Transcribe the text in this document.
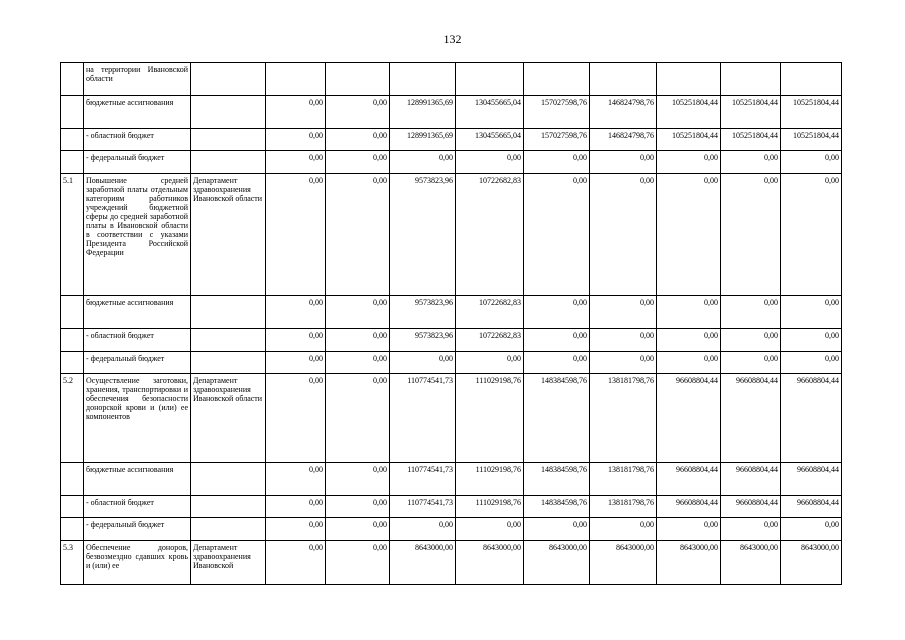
132
	на территории Ивановской области										
	бюджетные ассигнования		0,00	0,00	128991365,69	130455665,04	157027598,76	146824798,76	105251804,44	105251804,44	105251804,44
	- областной бюджет		0,00	0,00	128991365,69	130455665,04	157027598,76	146824798,76	105251804,44	105251804,44	105251804,44
	- федеральный бюджет		0,00	0,00	0,00	0,00	0,00	0,00	0,00	0,00	0,00
5.1	Повышение средней заработной платы отдельным категориям работников учреждений бюджетной сферы до средней заработной платы в Ивановской области в соответствии с указами Президента Российской Федерации	Департамент здравоохранения Ивановской области	0,00	0,00	9573823,96	10722682,83	0,00	0,00	0,00	0,00	0,00
	бюджетные ассигнования		0,00	0,00	9573823,96	10722682,83	0,00	0,00	0,00	0,00	0,00
	- областной бюджет		0,00	0,00	9573823,96	10722682,83	0,00	0,00	0,00	0,00	0,00
	- федеральный бюджет		0,00	0,00	0,00	0,00	0,00	0,00	0,00	0,00	0,00
5.2	Осуществление заготовки, хранения, транспортировки и обеспечения безопасности донорской крови и (или) ее компонентов	Департамент здравоохранения Ивановской области	0,00	0,00	110774541,73	111029198,76	148384598,76	138181798,76	96608804,44	96608804,44	96608804,44
	бюджетные ассигнования		0,00	0,00	110774541,73	111029198,76	148384598,76	138181798,76	96608804,44	96608804,44	96608804,44
	- областной бюджет		0,00	0,00	110774541,73	111029198,76	148384598,76	138181798,76	96608804,44	96608804,44	96608804,44
	- федеральный бюджет		0,00	0,00	0,00	0,00	0,00	0,00	0,00	0,00	0,00
5.3	Обеспечение доноров, безвозмездно сдавших кровь и (или) ее	Департамент здравоохранения Ивановской	0,00	0,00	8643000,00	8643000,00	8643000,00	8643000,00	8643000,00	8643000,00	8643000,00
